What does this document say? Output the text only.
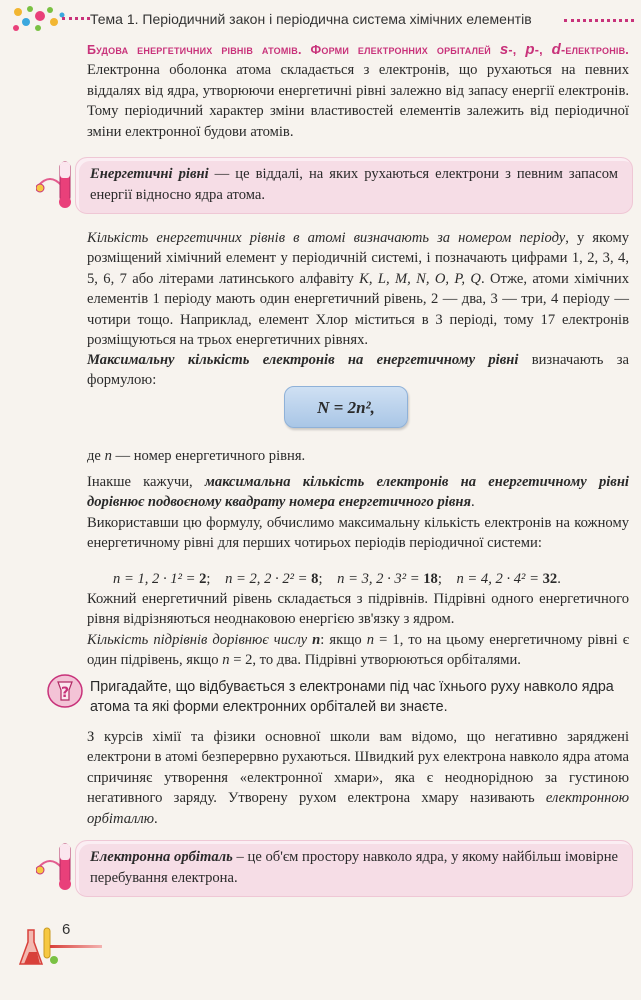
Тема 1. Періодичний закон і періодична система хімічних елементів

Будова енергетичних рівнів атомів. Форми електронних орбіталей s-, p-, d-електронів. Електронна оболонка атома складається з електронів, що рухаються на певних віддалях від ядра, утворюючи енергетичні рівні залежно від запасу енергії електронів. Тому періодичний характер зміни властивостей елементів залежить від періодичної зміни електронної будови атомів.

Енергетичні рівні — це віддалі, на яких рухаються електрони з певним запасом енергії відносно ядра атома.

Кількість енергетичних рівнів в атомі визначають за номером періоду, у якому розміщений хімічний елемент у періодичній системі, і позначають цифрами 1, 2, 3, 4, 5, 6, 7 або літерами латинського алфавіту K, L, M, N, O, P, Q. Отже, атоми хімічних елементів 1 періоду мають один енергетичний рівень, 2 — два, 3 — три, 4 періоду — чотири тощо. Наприклад, елемент Хлор міститься в 3 періоді, тому 17 електронів розміщуються на трьох енергетичних рівнях.

Максимальну кількість електронів на енергетичному рівні визначають за формулою:

N = 2n²,

де n — номер енергетичного рівня.

Інакше кажучи, максимальна кількість електронів на енергетичному рівні дорівнює подвоєному квадрату номера енергетичного рівня.

Використавши цю формулу, обчислимо максимальну кількість електронів на кожному енергетичному рівні для перших чотирьох періодів періодичної системи:

n = 1, 2 · 1² = 2; n = 2, 2 · 2² = 8; n = 3, 2 · 3² = 18; n = 4, 2 · 4² = 32.

Кожний енергетичний рівень складається з підрівнів. Підрівні одного енергетичного рівня відрізняються неоднаковою енергією зв'язку з ядром.

Кількість підрівнів дорівнює числу n: якщо n = 1, то на цьому енергетичному рівні є один підрівень, якщо n = 2, то два. Підрівні утворюються орбіталями.

? Пригадайте, що відбувається з електронами під час їхнього руху навколо ядра атома та які форми електронних орбіталей ви знаєте.

З курсів хімії та фізики основної школи вам відомо, що негативно заряджені електрони в атомі безперервно рухаються. Швидкий рух електрона навколо ядра атома спричиняє утворення «електронної хмари», яка є неоднорідною за густиною негативного заряду. Утворену рухом електрона хмару називають електронною орбіталлю.

Електронна орбіталь – це об'єм простору навколо ядра, у якому найбільш імовірне перебування електрона.
6
